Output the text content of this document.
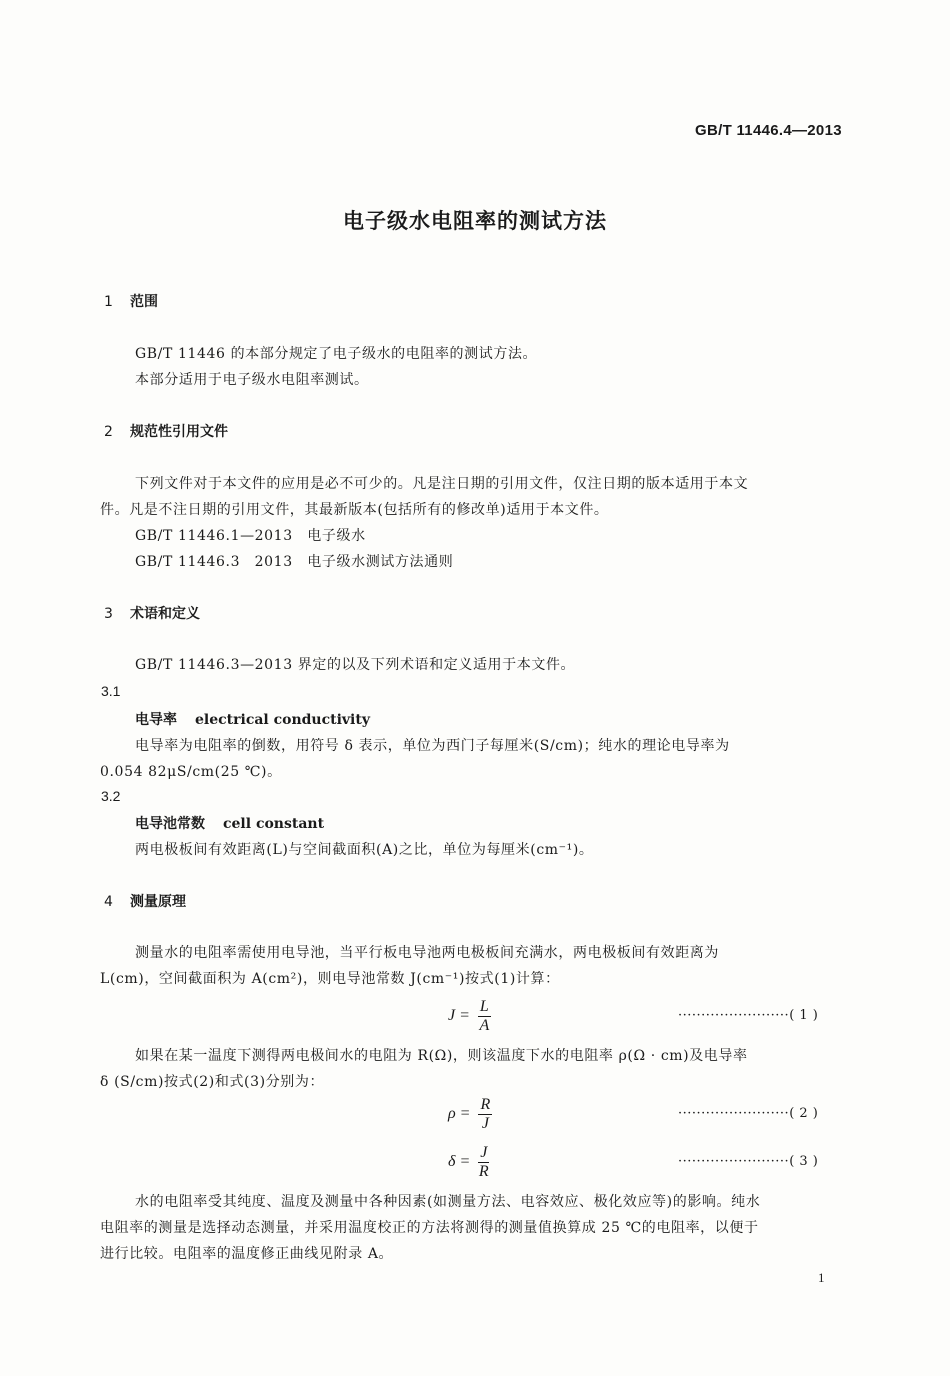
GB/T 11446.4—2013
电子级水电阻率的测试方法
1 范围
GB/T 11446 的本部分规定了电子级水的电阻率的测试方法。
本部分适用于电子级水电阻率测试。
2 规范性引用文件
下列文件对于本文件的应用是必不可少的。凡是注日期的引用文件，仅注日期的版本适用于本文
件。凡是不注日期的引用文件，其最新版本(包括所有的修改单)适用于本文件。
GB/T 11446.1—2013　电子级水
GB/T 11446.3　2013　电子级水测试方法通则
3 术语和定义
GB/T 11446.3—2013 界定的以及下列术语和定义适用于本文件。
3.1
电导率 electrical conductivity
电导率为电阻率的倒数，用符号 δ 表示，单位为西门子每厘米(S/cm)；纯水的理论电导率为
0.054 82μS/cm(25 ℃)。
3.2
电导池常数 cell constant
两电极板间有效距离(L)与空间截面积(A)之比，单位为每厘米(cm⁻¹)。
4 测量原理
测量水的电阻率需使用电导池，当平行板电导池两电极板间充满水，两电极板间有效距离为
L(cm)，空间截面积为 A(cm²)，则电导池常数 J(cm⁻¹)按式(1)计算：
$J = \frac{L}{A}$	························( 1 )
如果在某一温度下测得两电极间水的电阻为 R(Ω)，则该温度下水的电阻率 ρ(Ω · cm)及电导率
δ (S/cm)按式(2)和式(3)分别为：
$\rho = \frac{R}{J}$	························( 2 )
$\delta = \frac{J}{R}$	························( 3 )
水的电阻率受其纯度、温度及测量中各种因素(如测量方法、电容效应、极化效应等)的影响。纯水
电阻率的测量是选择动态测量，并采用温度校正的方法将测得的测量值换算成 25 ℃的电阻率，以便于
进行比较。电阻率的温度修正曲线见附录 A。
1
